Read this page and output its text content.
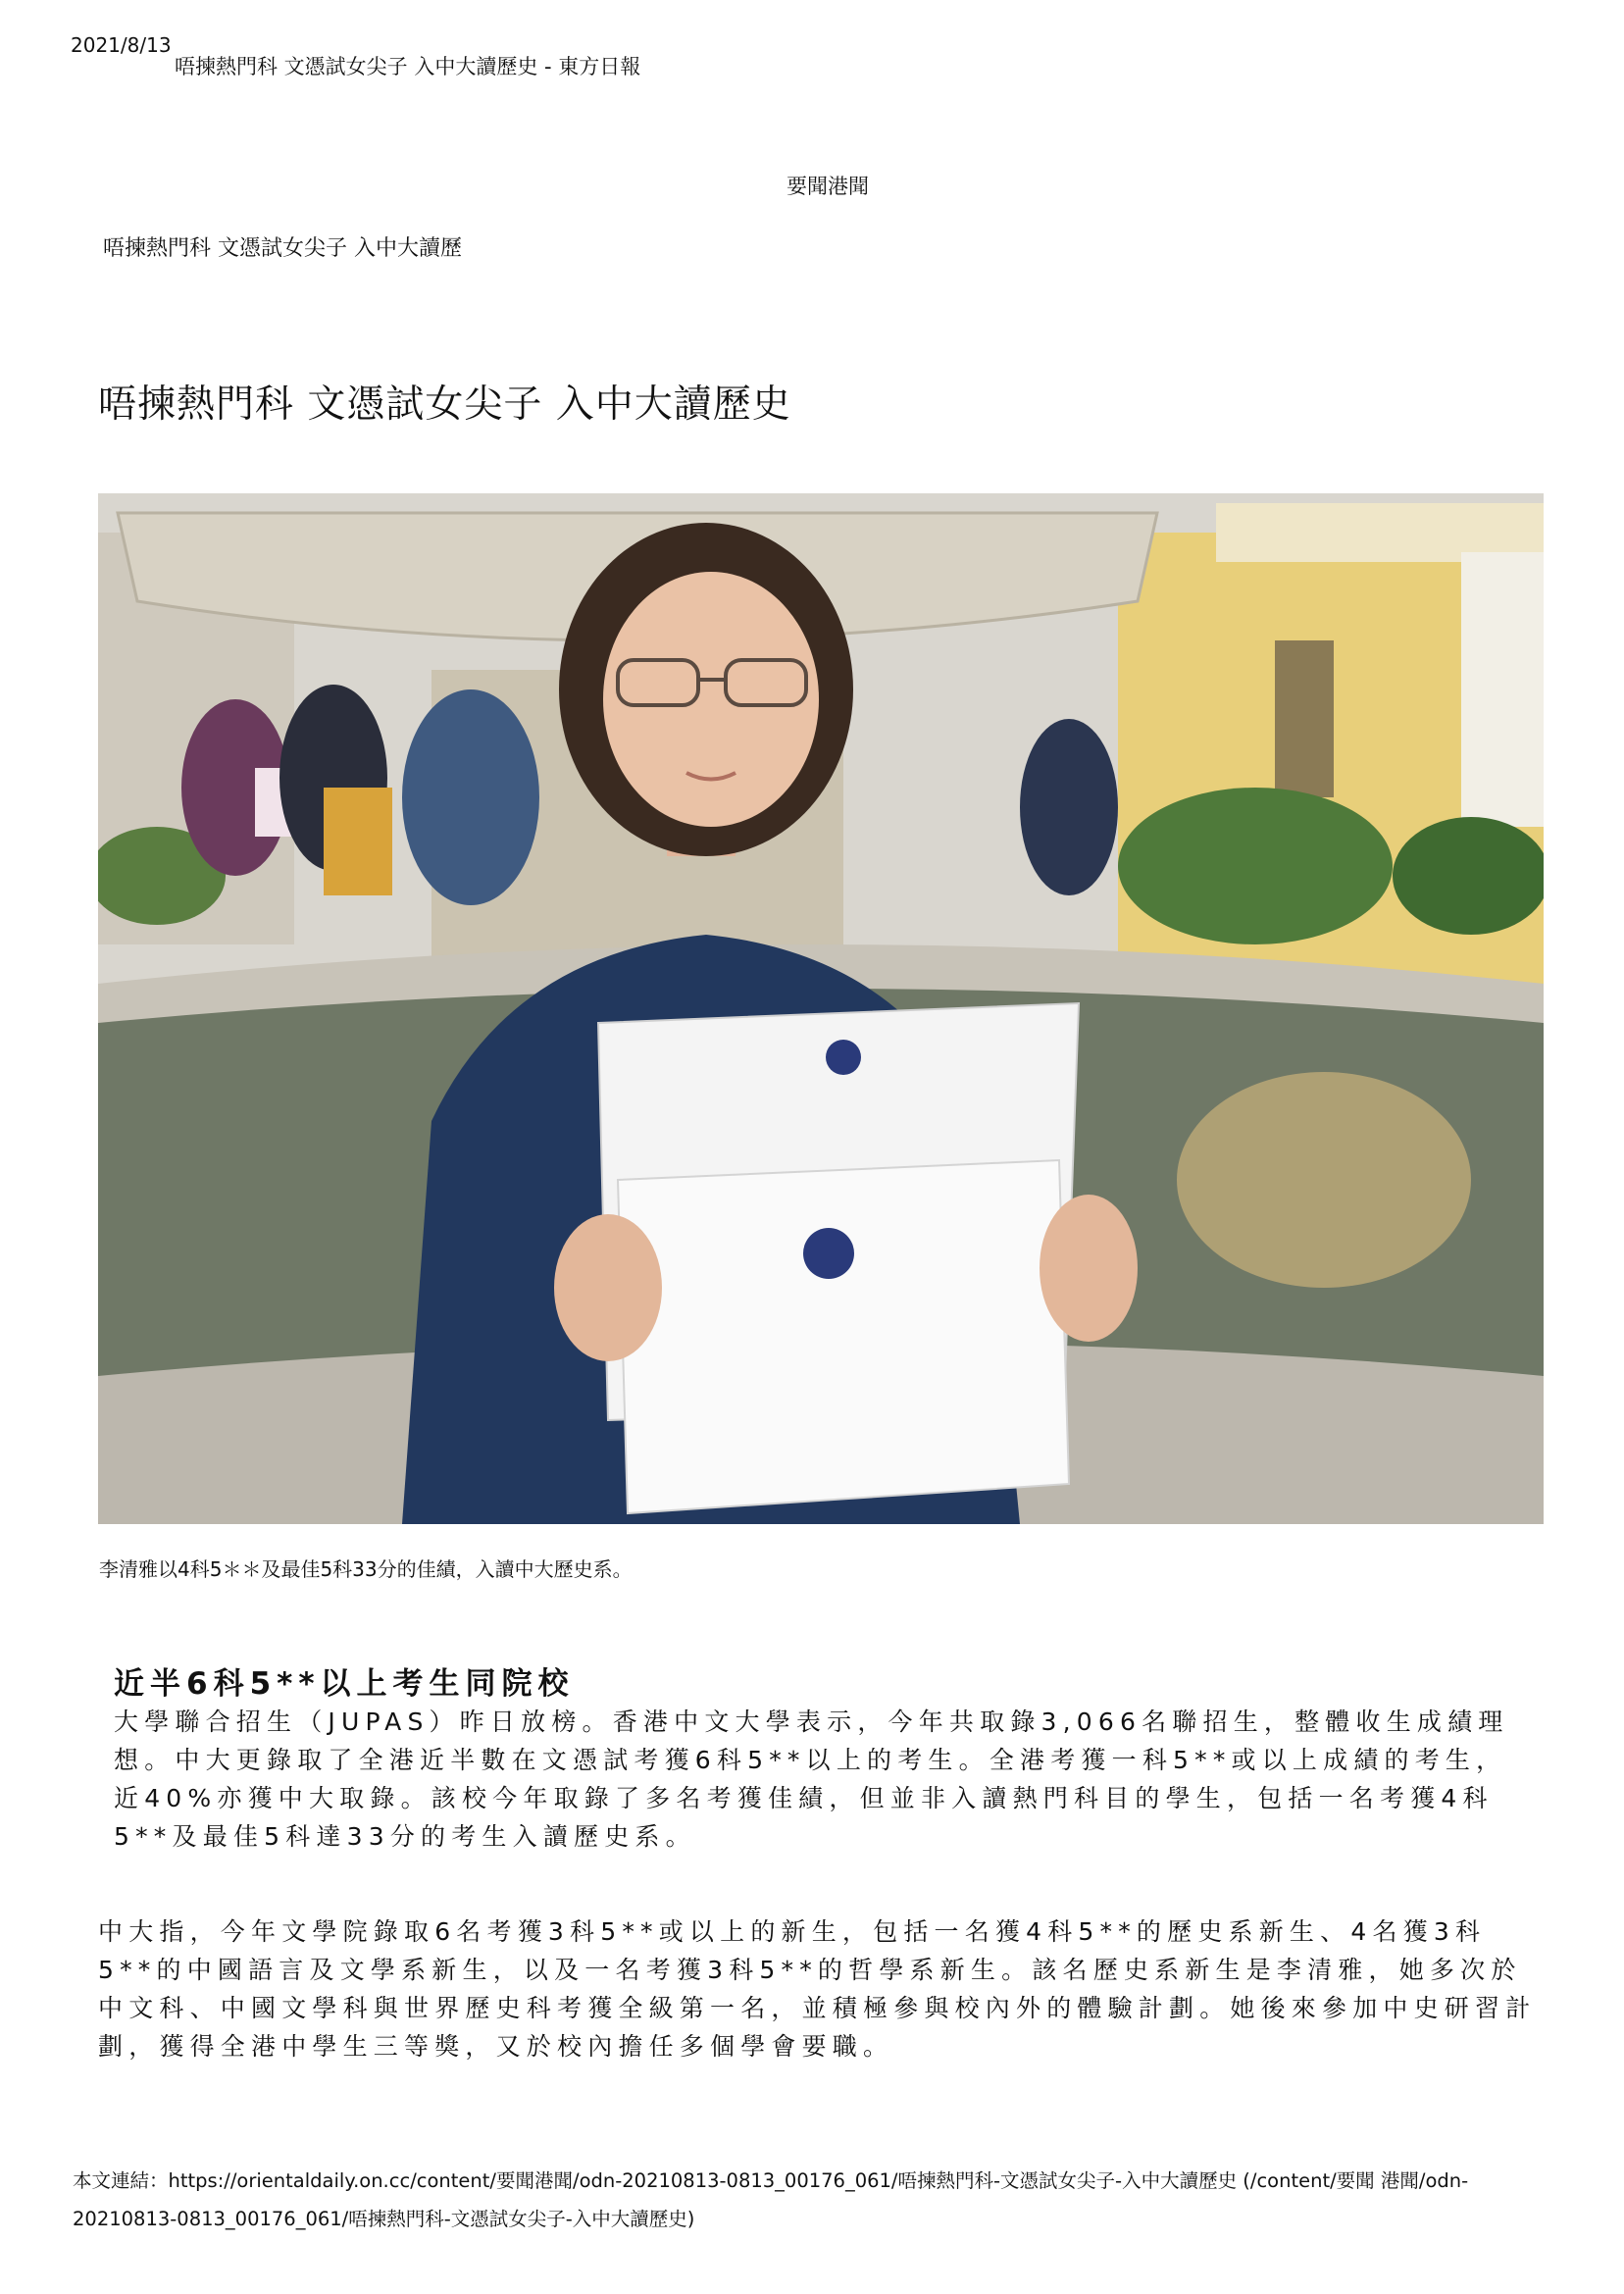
2021/8/13
唔揀熱門科 文憑試女尖子 入中大讀歷史 - 東方日報
要聞港聞
唔揀熱門科 文憑試女尖子 入中大讀歷
唔揀熱門科 文憑試女尖子 入中大讀歷史
李清雅以4科5＊＊及最佳5科33分的佳績，入讀中大歷史系。
近半6科5**以上考生同院校

大學聯合招生（JUPAS）昨日放榜。香港中文大學表示，今年共取錄3,066名聯招生，整體收生成績理想。中大更錄取了全港近半數在文憑試考獲6科5**以上的考生。全港考獲一科5**或以上成績的考生，近40%亦獲中大取錄。該校今年取錄了多名考獲佳績，但並非入讀熱門科目的學生，包括一名考獲4科5**及最佳5科達33分的考生入讀歷史系。

中大指，今年文學院錄取6名考獲3科5**或以上的新生，包括一名獲4科5**的歷史系新生、4名獲3科5**的中國語言及文學系新生，以及一名考獲3科5**的哲學系新生。該名歷史系新生是李清雅，她多次於中文科、中國文學科與世界歷史科考獲全級第一名，並積極參與校內外的體驗計劃。她後來參加中史研習計劃，獲得全港中學生三等獎，又於校內擔任多個學會要職。

本文連結：https://orientaldaily.on.cc/content/要聞港聞/odn-20210813-0813_00176_061/唔揀熱門科-文憑試女尖子-入中大讀歷史 (/content/要聞 港聞/odn-20210813-0813_00176_061/唔揀熱門科-文憑試女尖子-入中大讀歷史)
